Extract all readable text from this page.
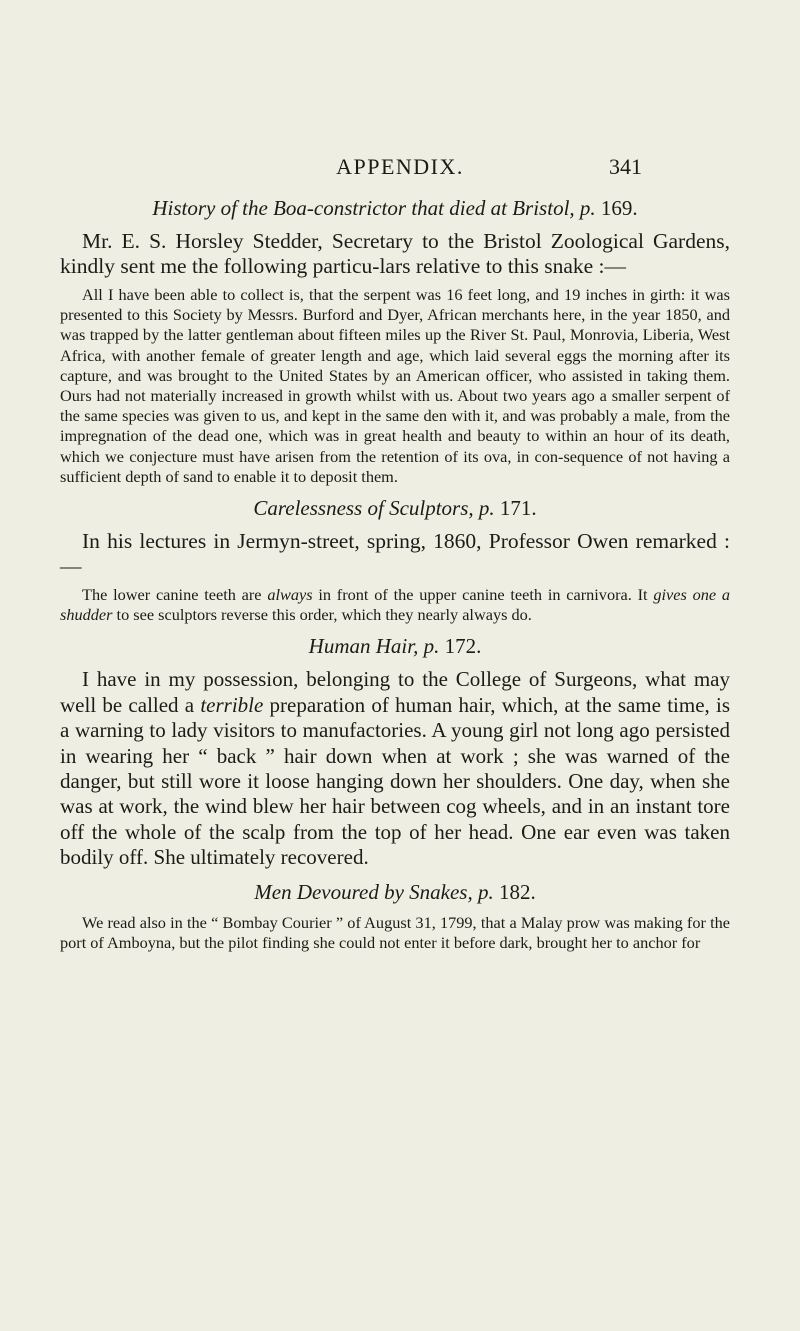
APPENDIX.	341
History of the Boa-constrictor that died at Bristol, p. 169.

Mr. E. S. Horsley Stedder, Secretary to the Bristol Zoological Gardens, kindly sent me the following particu-lars relative to this snake :—

All I have been able to collect is, that the serpent was 16 feet long, and 19 inches in girth: it was presented to this Society by Messrs. Burford and Dyer, African merchants here, in the year 1850, and was trapped by the latter gentleman about fifteen miles up the River St. Paul, Monrovia, Liberia, West Africa, with another female of greater length and age, which laid several eggs the morning after its capture, and was brought to the United States by an American officer, who assisted in taking them. Ours had not materially increased in growth whilst with us. About two years ago a smaller serpent of the same species was given to us, and kept in the same den with it, and was probably a male, from the impregnation of the dead one, which was in great health and beauty to within an hour of its death, which we conjecture must have arisen from the retention of its ova, in con-sequence of not having a sufficient depth of sand to enable it to deposit them.

Carelessness of Sculptors, p. 171.

In his lectures in Jermyn-street, spring, 1860, Professor Owen remarked :—

The lower canine teeth are always in front of the upper canine teeth in carnivora. It gives one a shudder to see sculptors reverse this order, which they nearly always do.

Human Hair, p. 172.

I have in my possession, belonging to the College of Surgeons, what may well be called a terrible preparation of human hair, which, at the same time, is a warning to lady visitors to manufactories. A young girl not long ago persisted in wearing her “ back ” hair down when at work ; she was warned of the danger, but still wore it loose hanging down her shoulders. One day, when she was at work, the wind blew her hair between cog wheels, and in an instant tore off the whole of the scalp from the top of her head. One ear even was taken bodily off. She ultimately recovered.

Men Devoured by Snakes, p. 182.

We read also in the “ Bombay Courier ” of August 31, 1799, that a Malay prow was making for the port of Amboyna, but the pilot finding she could not enter it before dark, brought her to anchor for
